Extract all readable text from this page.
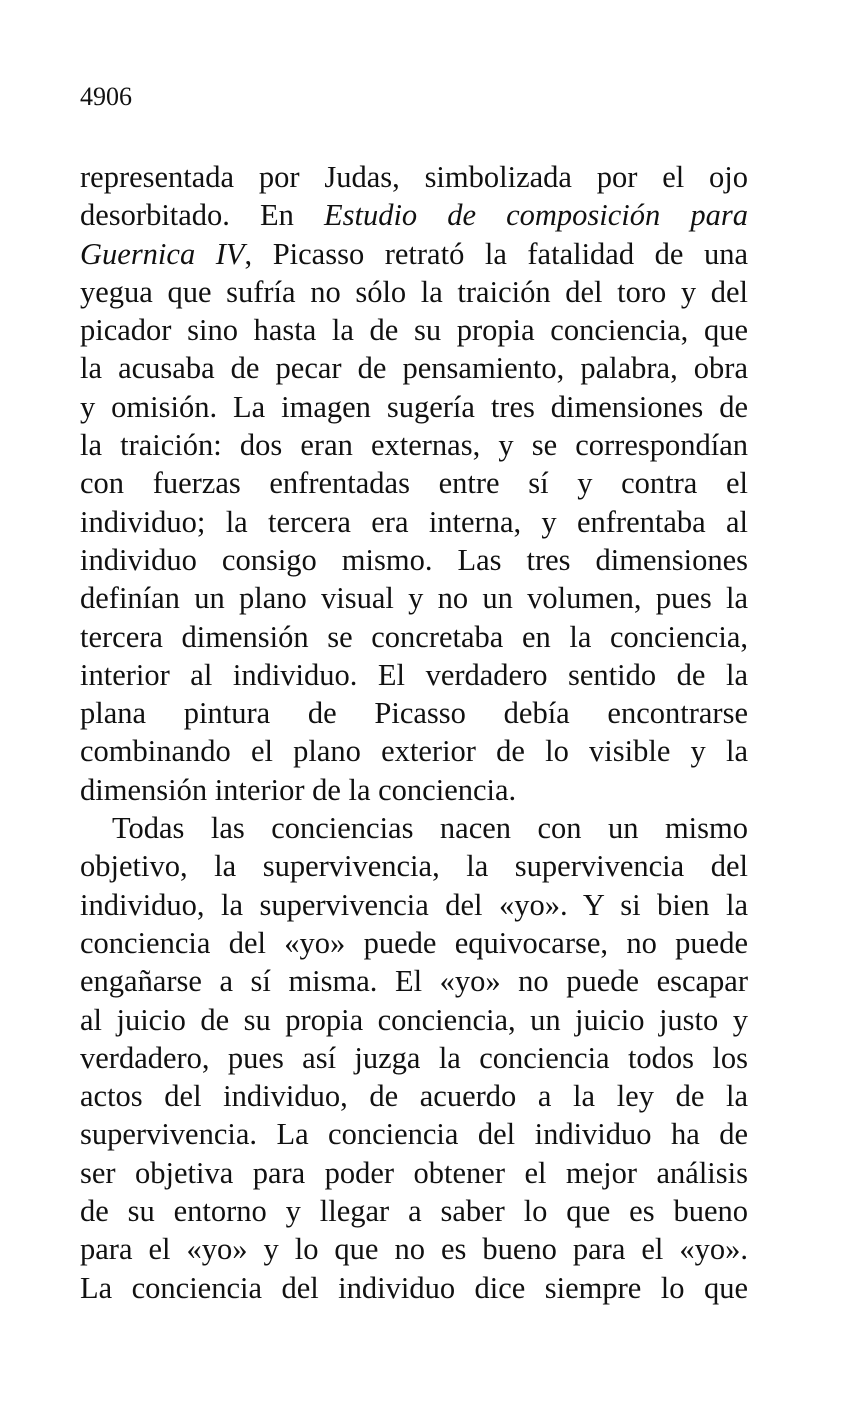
4906

representada por Judas, simbolizada por el ojo
desorbitado. En Estudio de composición para
Guernica IV, Picasso retrató la fatalidad de una
yegua que sufría no sólo la traición del toro y del
picador sino hasta la de su propia conciencia, que
la acusaba de pecar de pensamiento, palabra, obra
y omisión. La imagen sugería tres dimensiones de
la traición: dos eran externas, y se correspondían
con fuerzas enfrentadas entre sí y contra el
individuo; la tercera era interna, y enfrentaba al
individuo consigo mismo. Las tres dimensiones
definían un plano visual y no un volumen, pues la
tercera dimensión se concretaba en la conciencia,
interior al individuo. El verdadero sentido de la
plana pintura de Picasso debía encontrarse
combinando el plano exterior de lo visible y la
dimensión interior de la conciencia.
Todas las conciencias nacen con un mismo
objetivo, la supervivencia, la supervivencia del
individuo, la supervivencia del «yo». Y si bien la
conciencia del «yo» puede equivocarse, no puede
engañarse a sí misma. El «yo» no puede escapar
al juicio de su propia conciencia, un juicio justo y
verdadero, pues así juzga la conciencia todos los
actos del individuo, de acuerdo a la ley de la
supervivencia. La conciencia del individuo ha de
ser objetiva para poder obtener el mejor análisis
de su entorno y llegar a saber lo que es bueno
para el «yo» y lo que no es bueno para el «yo».
La conciencia del individuo dice siempre lo que
